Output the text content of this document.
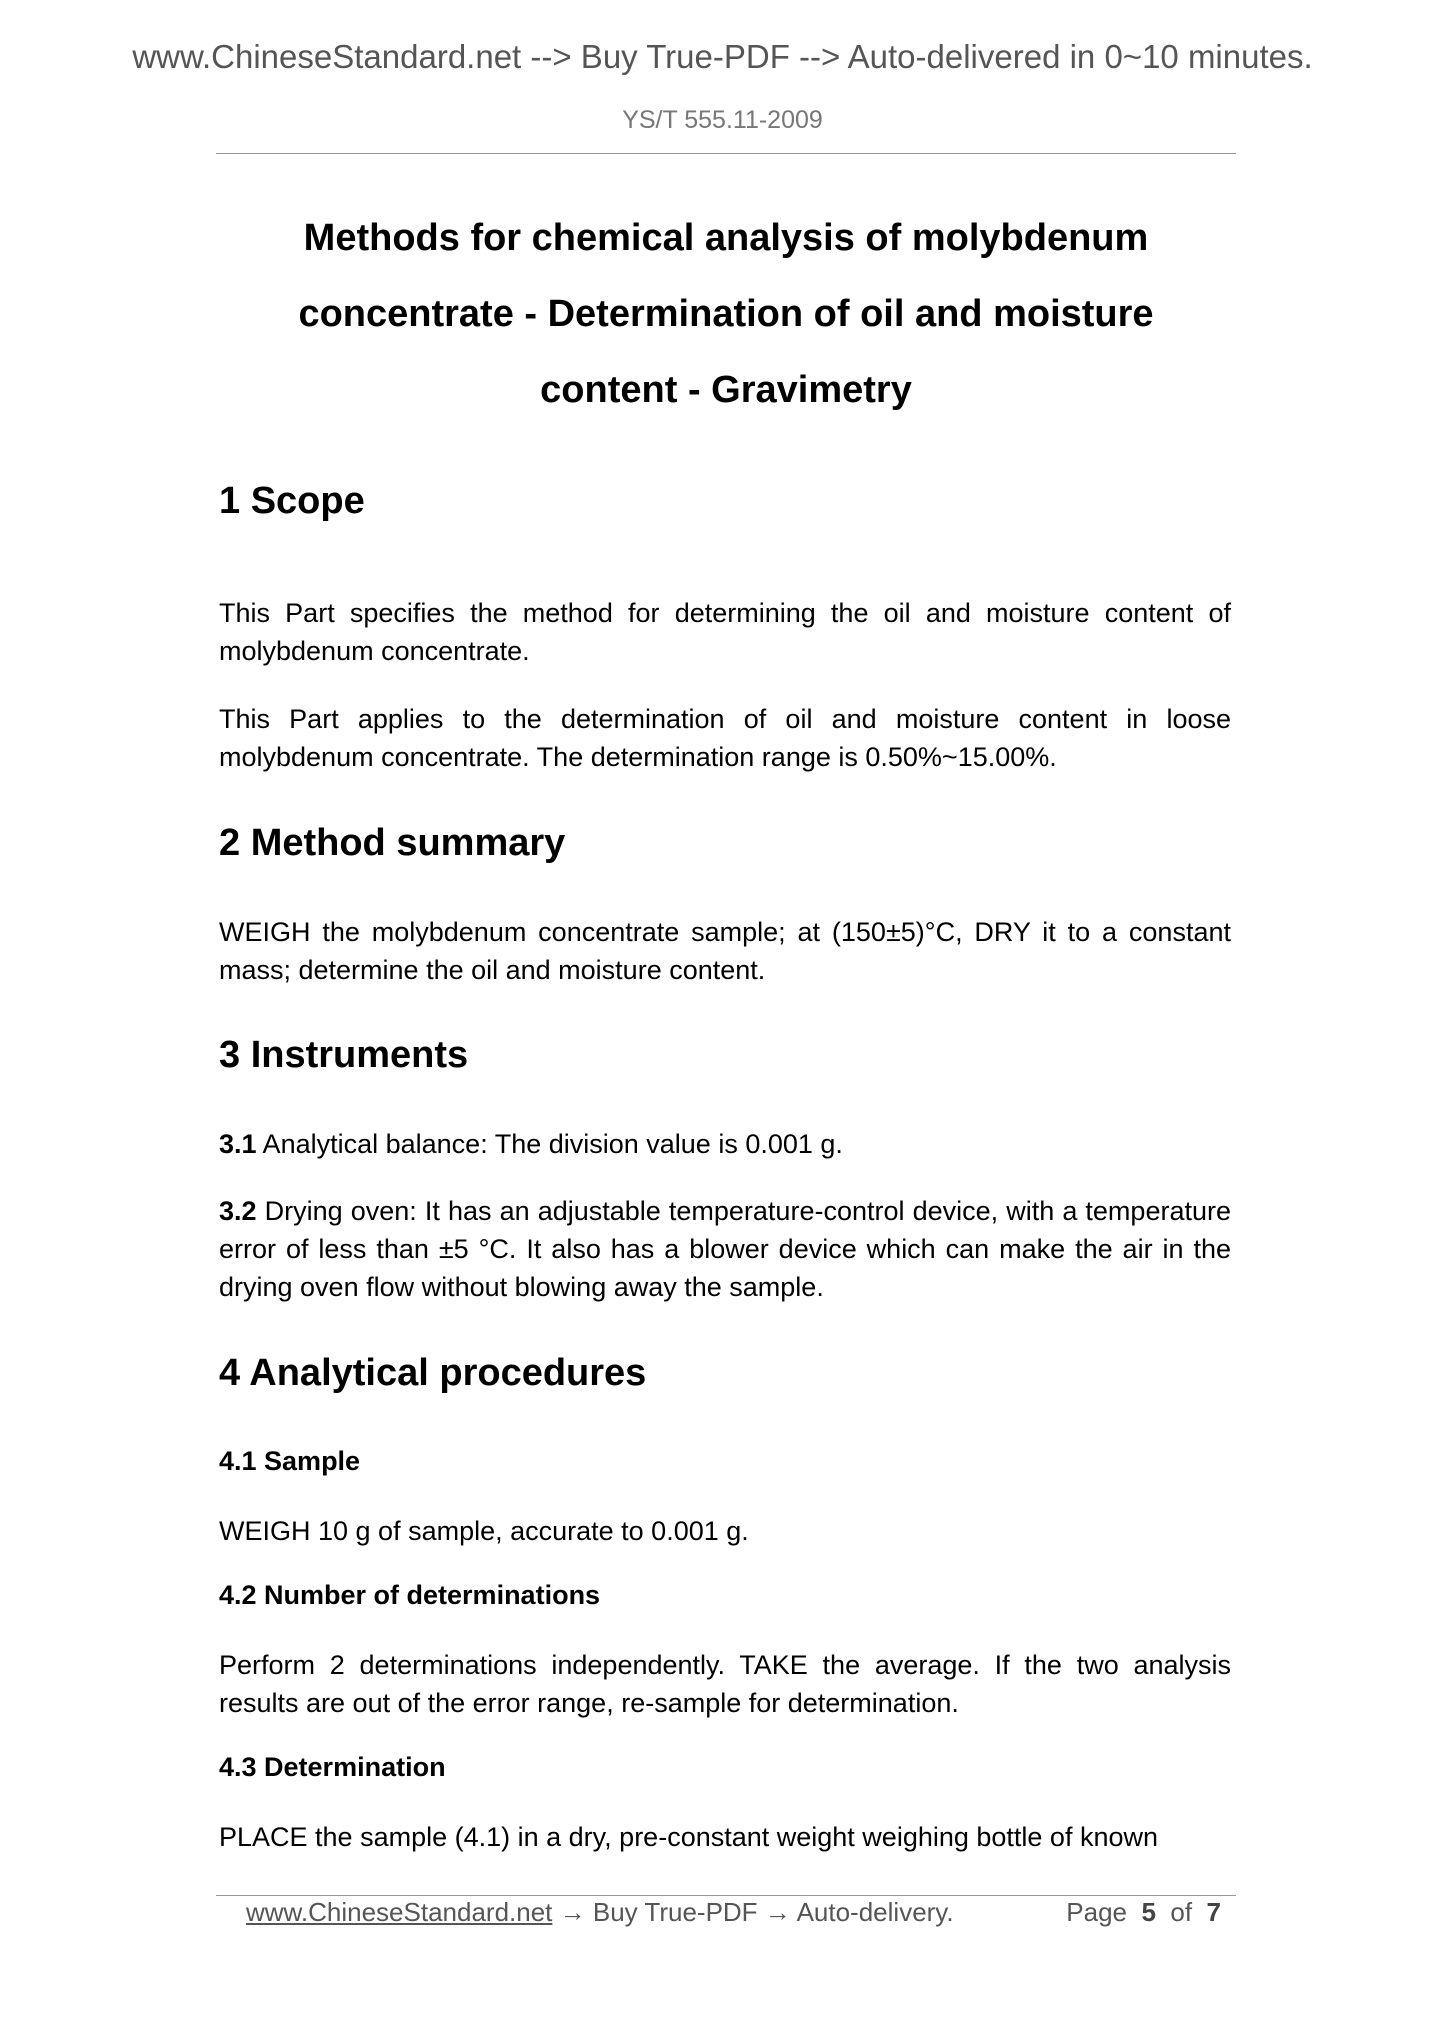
www.ChineseStandard.net --> Buy True-PDF --> Auto-delivered in 0~10 minutes.
YS/T 555.11-2009
Methods for chemical analysis of molybdenum
concentrate - Determination of oil and moisture
content - Gravimetry
1 Scope

This Part specifies the method for determining the oil and moisture content of molybdenum concentrate.

This Part applies to the determination of oil and moisture content in loose molybdenum concentrate. The determination range is 0.50%~15.00%.

2 Method summary

WEIGH the molybdenum concentrate sample; at (150±5)°C, DRY it to a constant mass; determine the oil and moisture content.

3 Instruments

3.1 Analytical balance: The division value is 0.001 g.

3.2 Drying oven: It has an adjustable temperature-control device, with a temperature error of less than ±5 °C. It also has a blower device which can make the air in the drying oven flow without blowing away the sample.

4 Analytical procedures
4.1 Sample

WEIGH 10 g of sample, accurate to 0.001 g.

4.2 Number of determinations

Perform 2 determinations independently. TAKE the average. If the two analysis results are out of the error range, re-sample for determination.

4.3 Determination

PLACE the sample (4.1) in a dry, pre-constant weight weighing bottle of known

www.ChineseStandard.net → Buy True-PDF → Auto-delivery.	Page 5 of 7
